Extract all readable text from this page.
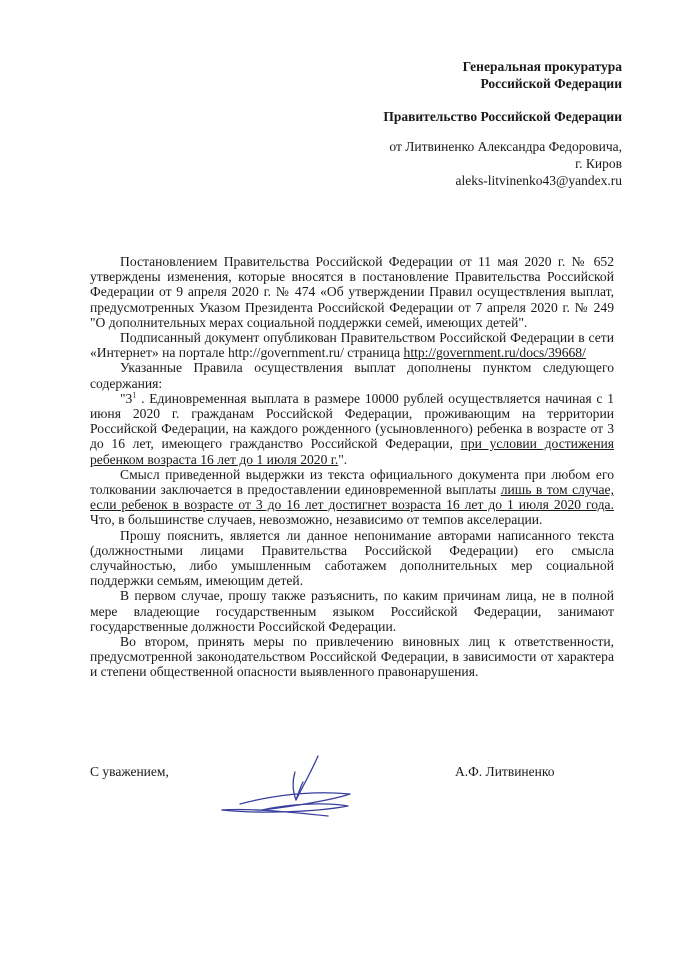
Генеральная прокуратура
Российской Федерации
Правительство Российской Федерации
от Литвиненко Александра Федоровича,
г. Киров
aleks-litvinenko43@yandex.ru

Постановлением Правительства Российской Федерации от 11 мая 2020 г. № 652 утверждены изменения, которые вносятся в постановление Правительства Российской Федерации от 9 апреля 2020 г. № 474 «Об утверждении Правил осуществления выплат, предусмотренных Указом Президента Российской Федерации от 7 апреля 2020 г. № 249 "О дополнительных мерах социальной поддержки семей, имеющих детей".

Подписанный документ опубликован Правительством Российской Федерации в сети «Интернет» на портале http://government.ru/ страница http://government.ru/docs/39668/

Указанные Правила осуществления выплат дополнены пунктом следующего содержания:

"$3^1$ . Единовременная выплата в размере 10000 рублей осуществляется начиная с 1 июня 2020 г. гражданам Российской Федерации, проживающим на территории Российской Федерации, на каждого рожденного (усыновленного) ребенка в возрасте от 3 до 16 лет, имеющего гражданство Российской Федерации, при условии достижения ребенком возраста 16 лет до 1 июля 2020 г.".

Смысл приведенной выдержки из текста официального документа при любом его толковании заключается в предоставлении единовременной выплаты лишь в том случае, если ребенок в возрасте от 3 до 16 лет достигнет возраста 16 лет до 1 июля 2020 года. Что, в большинстве случаев, невозможно, независимо от темпов акселерации.

Прошу пояснить, является ли данное непонимание авторами написанного текста (должностными лицами Правительства Российской Федерации) его смысла случайностью, либо умышленным саботажем дополнительных мер социальной поддержки семьям, имеющим детей.

В первом случае, прошу также разъяснить, по каким причинам лица, не в полной мере владеющие государственным языком Российской Федерации, занимают государственные должности Российской Федерации.

Во втором, принять меры по привлечению виновных лиц к ответственности, предусмотренной законодательством Российской Федерации, в зависимости от характера и степени общественной опасности выявленного правонарушения.

С уважением,	А.Ф. Литвиненко
